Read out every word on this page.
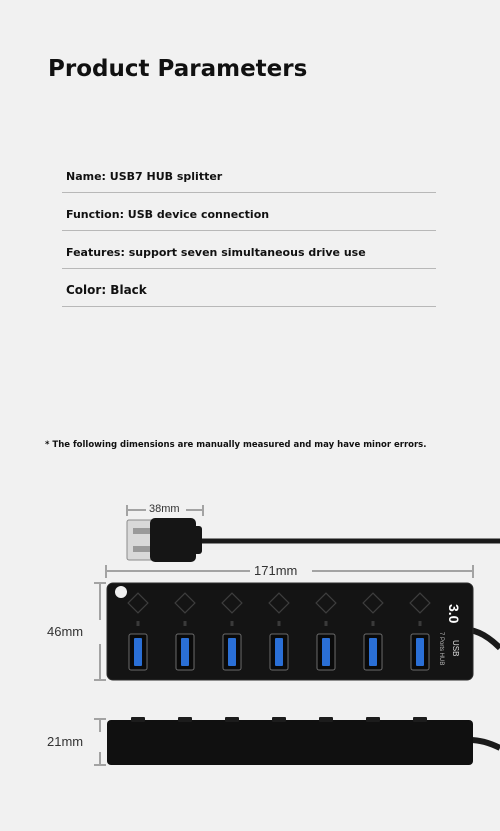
Product Parameters
Name: USB7 HUB splitter
Function: USB device connection
Features: support seven simultaneous drive use
Color: Black
* The following dimensions are manually measured and may have minor errors.
3.0
USB
7 Ports HUB
38mm
171mm
46mm
21mm
